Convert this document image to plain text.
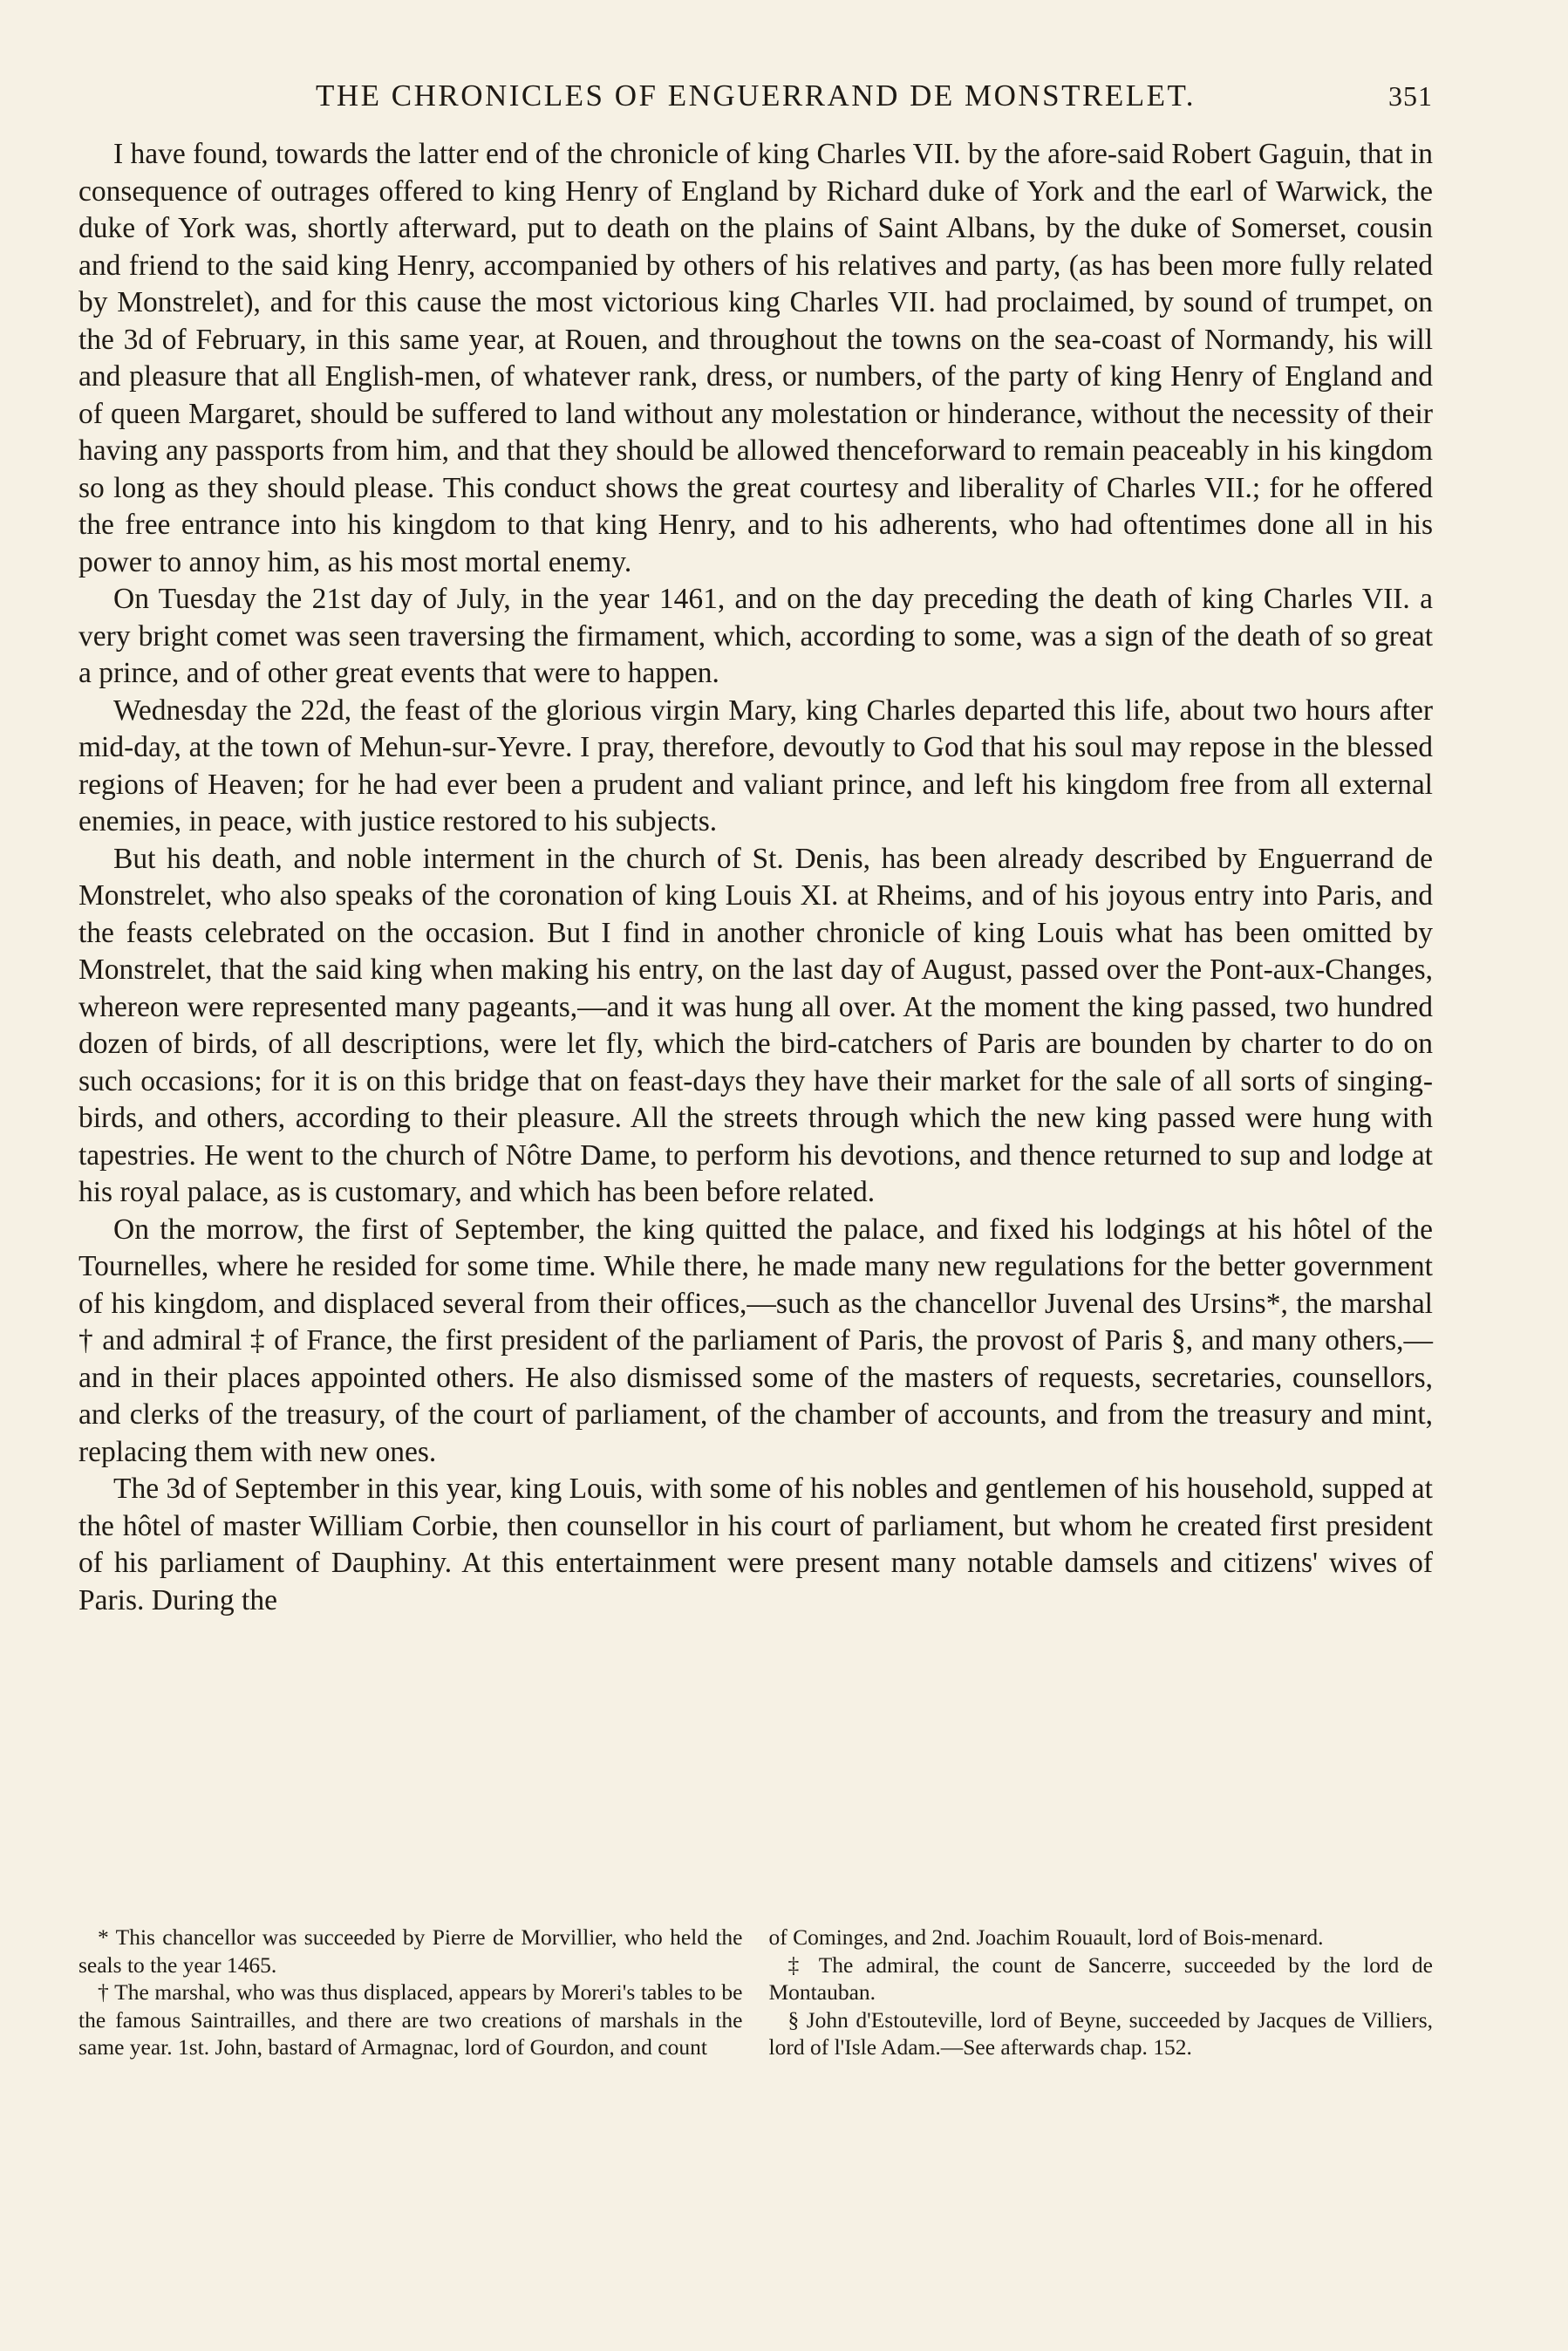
THE CHRONICLES OF ENGUERRAND DE MONSTRELET.	351

I have found, towards the latter end of the chronicle of king Charles VII. by the afore-said Robert Gaguin, that in consequence of outrages offered to king Henry of England by Richard duke of York and the earl of Warwick, the duke of York was, shortly afterward, put to death on the plains of Saint Albans, by the duke of Somerset, cousin and friend to the said king Henry, accompanied by others of his relatives and party, (as has been more fully related by Monstrelet), and for this cause the most victorious king Charles VII. had proclaimed, by sound of trumpet, on the 3d of February, in this same year, at Rouen, and throughout the towns on the sea-coast of Normandy, his will and pleasure that all English-men, of whatever rank, dress, or numbers, of the party of king Henry of England and of queen Margaret, should be suffered to land without any molestation or hinderance, without the necessity of their having any passports from him, and that they should be allowed thenceforward to remain peaceably in his kingdom so long as they should please. This conduct shows the great courtesy and liberality of Charles VII.; for he offered the free entrance into his kingdom to that king Henry, and to his adherents, who had oftentimes done all in his power to annoy him, as his most mortal enemy.

On Tuesday the 21st day of July, in the year 1461, and on the day preceding the death of king Charles VII. a very bright comet was seen traversing the firmament, which, according to some, was a sign of the death of so great a prince, and of other great events that were to happen.

Wednesday the 22d, the feast of the glorious virgin Mary, king Charles departed this life, about two hours after mid-day, at the town of Mehun-sur-Yevre. I pray, therefore, devoutly to God that his soul may repose in the blessed regions of Heaven; for he had ever been a prudent and valiant prince, and left his kingdom free from all external enemies, in peace, with justice restored to his subjects.

But his death, and noble interment in the church of St. Denis, has been already described by Enguerrand de Monstrelet, who also speaks of the coronation of king Louis XI. at Rheims, and of his joyous entry into Paris, and the feasts celebrated on the occasion. But I find in another chronicle of king Louis what has been omitted by Monstrelet, that the said king when making his entry, on the last day of August, passed over the Pont-aux-Changes, whereon were represented many pageants,—and it was hung all over. At the moment the king passed, two hundred dozen of birds, of all descriptions, were let fly, which the bird-catchers of Paris are bounden by charter to do on such occasions; for it is on this bridge that on feast-days they have their market for the sale of all sorts of singing-birds, and others, according to their pleasure. All the streets through which the new king passed were hung with tapestries. He went to the church of Nôtre Dame, to perform his devotions, and thence returned to sup and lodge at his royal palace, as is customary, and which has been before related.

On the morrow, the first of September, the king quitted the palace, and fixed his lodgings at his hôtel of the Tournelles, where he resided for some time. While there, he made many new regulations for the better government of his kingdom, and displaced several from their offices,—such as the chancellor Juvenal des Ursins*, the marshal † and admiral ‡ of France, the first president of the parliament of Paris, the provost of Paris §, and many others,—and in their places appointed others. He also dismissed some of the masters of requests, secretaries, counsellors, and clerks of the treasury, of the court of parliament, of the chamber of accounts, and from the treasury and mint, replacing them with new ones.

The 3d of September in this year, king Louis, with some of his nobles and gentlemen of his household, supped at the hôtel of master William Corbie, then counsellor in his court of parliament, but whom he created first president of his parliament of Dauphiny. At this entertainment were present many notable damsels and citizens' wives of Paris. During the

* This chancellor was succeeded by Pierre de Morvillier, who held the seals to the year 1465.

† The marshal, who was thus displaced, appears by Moreri's tables to be the famous Saintrailles, and there are two creations of marshals in the same year. 1st. John, bastard of Armagnac, lord of Gourdon, and count

of Cominges, and 2nd. Joachim Rouault, lord of Bois-menard.

‡ The admiral, the count de Sancerre, succeeded by the lord de Montauban.

§ John d'Estouteville, lord of Beyne, succeeded by Jacques de Villiers, lord of l'Isle Adam.—See afterwards chap. 152.
